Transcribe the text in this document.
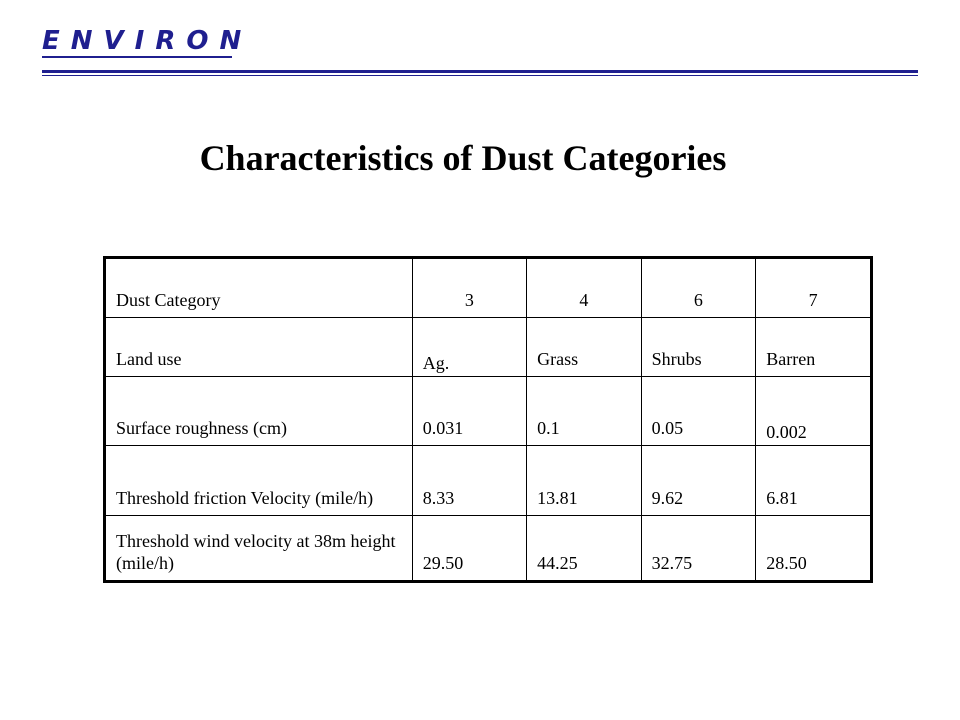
ENVIRON
Characteristics of Dust Categories
Dust Category	3	4	6	7
Land use	Ag.	Grass	Shrubs	Barren
Surface roughness (cm)	0.031	0.1	0.05	0.002
Threshold friction Velocity (mile/h)	8.33	13.81	9.62	6.81
Threshold wind velocity at 38m height (mile/h)	29.50	44.25	32.75	28.50
